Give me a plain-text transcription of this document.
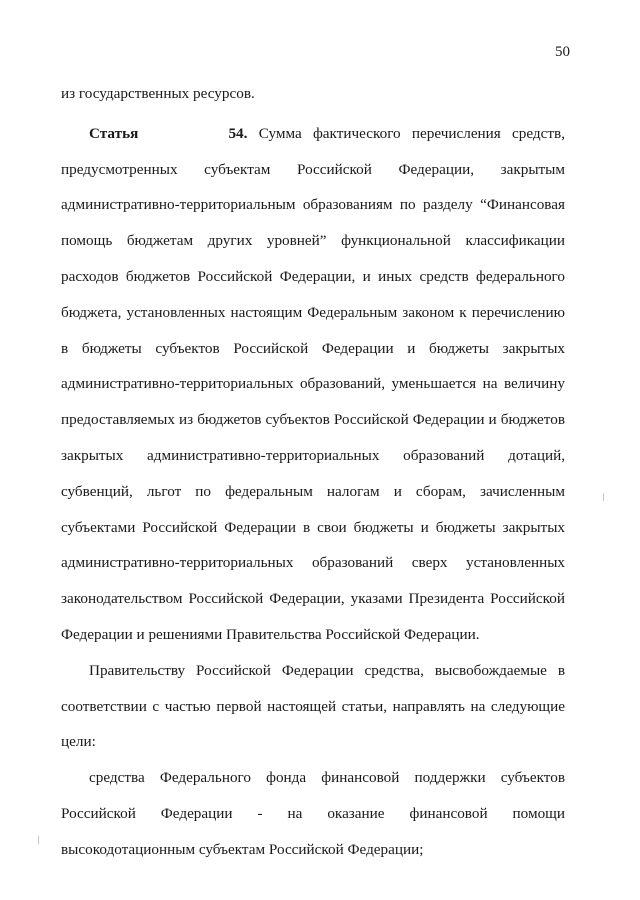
50
из государственных ресурсов.
Статья	54. Сумма фактического перечисления средств,
предусмотренных субъектам Российской Федерации, закрытым
административно-территориальным образованиям по разделу “Финансовая
помощь бюджетам других уровней” функциональной классификации
расходов бюджетов Российской Федерации, и иных средств федерального
бюджета, установленных настоящим Федеральным законом к перечислению
в бюджеты субъектов Российской Федерации и бюджеты закрытых
административно-территориальных образований, уменьшается на величину
предоставляемых из бюджетов субъектов Российской Федерации и бюджетов
закрытых административно-территориальных образований дотаций,
субвенций, льгот по федеральным налогам и сборам, зачисленным
субъектами Российской Федерации в свои бюджеты и бюджеты закрытых
административно-территориальных образований сверх установленных
законодательством Российской Федерации, указами Президента Российской
Федерации и решениями Правительства Российской Федерации.
Правительству Российской Федерации средства, высвобождаемые в
соответствии с частью первой настоящей статьи, направлять на следующие
цели:
средства Федерального фонда финансовой поддержки субъектов
Российской Федерации - на оказание финансовой помощи
высокодотационным субъектам Российской Федерации;
